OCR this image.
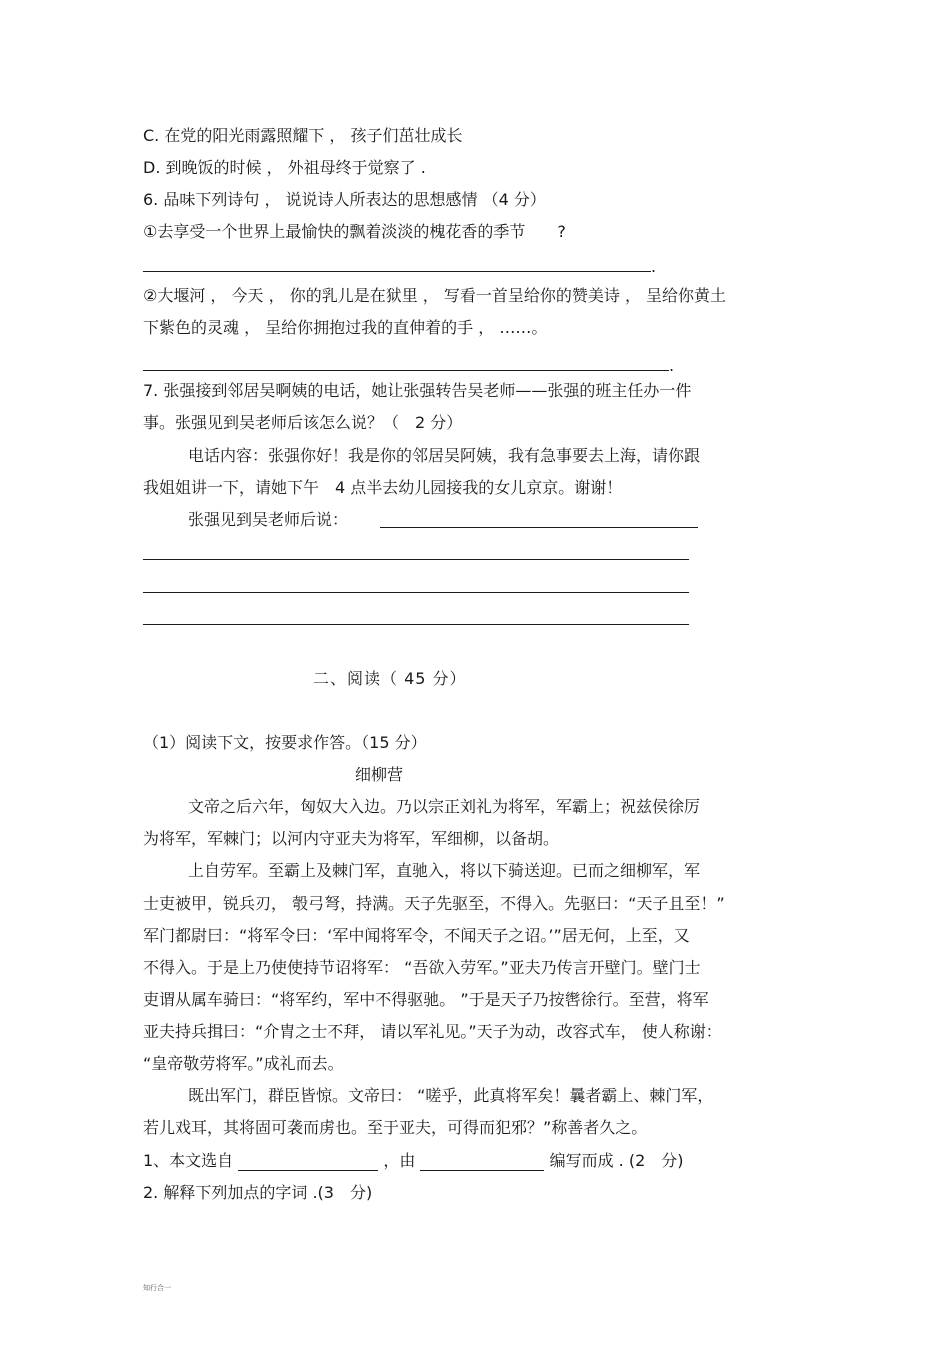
C. 在党的阳光雨露照耀下 ， 孩子们茁壮成长
D. 到晚饭的时候 ， 外祖母终于觉察了 .
6. 品味下列诗句 ， 说说诗人所表达的思想感情 （4 分）
①去享受一个世界上最愉快的飘着淡淡的槐花香的季节　　?
.
②大堰河 ， 今天 ， 你的乳儿是在狱里 ， 写看一首呈给你的赞美诗 ， 呈给你黄土
下紫色的灵魂 ， 呈给你拥抱过我的直伸着的手 ， ……。
.
7. 张强接到邻居吴啊姨的电话，她让张强转告吴老师——张强的班主任办一件
事。张强见到吴老师后该怎么说？（　2 分）
电话内容：张强你好！我是你的邻居吴阿姨，我有急事要去上海，请你跟
我姐姐讲一下，请她下午　4 点半去幼儿园接我的女儿京京。谢谢！
张强见到吴老师后说：
二、阅读（ 45 分）
（1）阅读下文，按要求作答。（15 分）
细柳营
文帝之后六年，匈奴大入边。乃以宗正刘礼为将军，军霸上；祝兹侯徐厉
为将军，军棘门；以河内守亚夫为将军，军细柳，以备胡。
上自劳军。至霸上及棘门军，直驰入，将以下骑送迎。已而之细柳军，军
士吏被甲，锐兵刃， 彀弓弩，持满。天子先驱至，不得入。先驱曰：“天子且至！”
军门都尉曰：“将军令曰：‘军中闻将军令，不闻天子之诏。’”居无何，上至，又
不得入。于是上乃使使持节诏将军： “吾欲入劳军。”亚夫乃传言开壁门。壁门士
吏谓从属车骑曰：“将军约，军中不得驱驰。 ”于是天子乃按辔徐行。至营，将军
亚夫持兵揖曰：“介胄之士不拜， 请以军礼见。”天子为动，改容式车， 使人称谢：
“皇帝敬劳将军。”成礼而去。
既出军门，群臣皆惊。文帝曰： “嗟乎，此真将军矣！曩者霸上、棘门军，
若儿戏耳，其将固可袭而虏也。至于亚夫，可得而犯邪？”称善者久之。
1、本文选自	，由	编写而成 . (2　分)
2. 解释下列加点的字词 .(3　分)
知行合一
